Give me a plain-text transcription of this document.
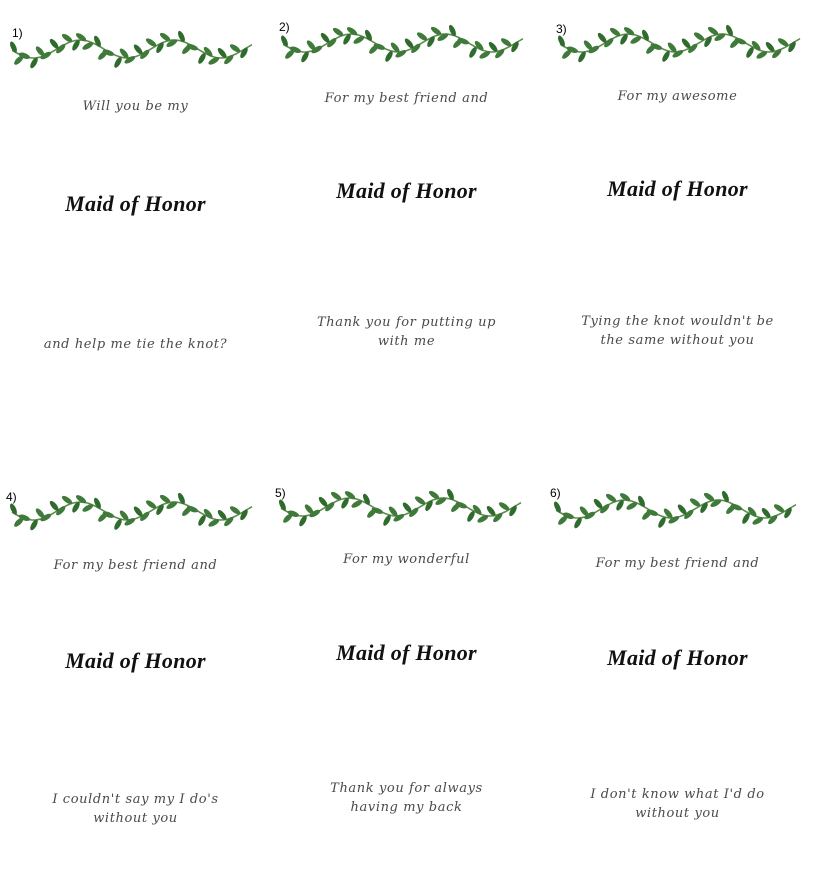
1)
Will you be my
Maid of Honor
and help me tie the knot?
2)
For my best friend and
Maid of Honor
Thank you for putting up
with me
3)
For my awesome
Maid of Honor
Tying the knot wouldn't be
the same without you
4)
For my best friend and
Maid of Honor
I couldn't say my I do's
without you
5)
For my wonderful
Maid of Honor
Thank you for always
having my back
6)
For my best friend and
Maid of Honor
I don't know what I'd do
without you
